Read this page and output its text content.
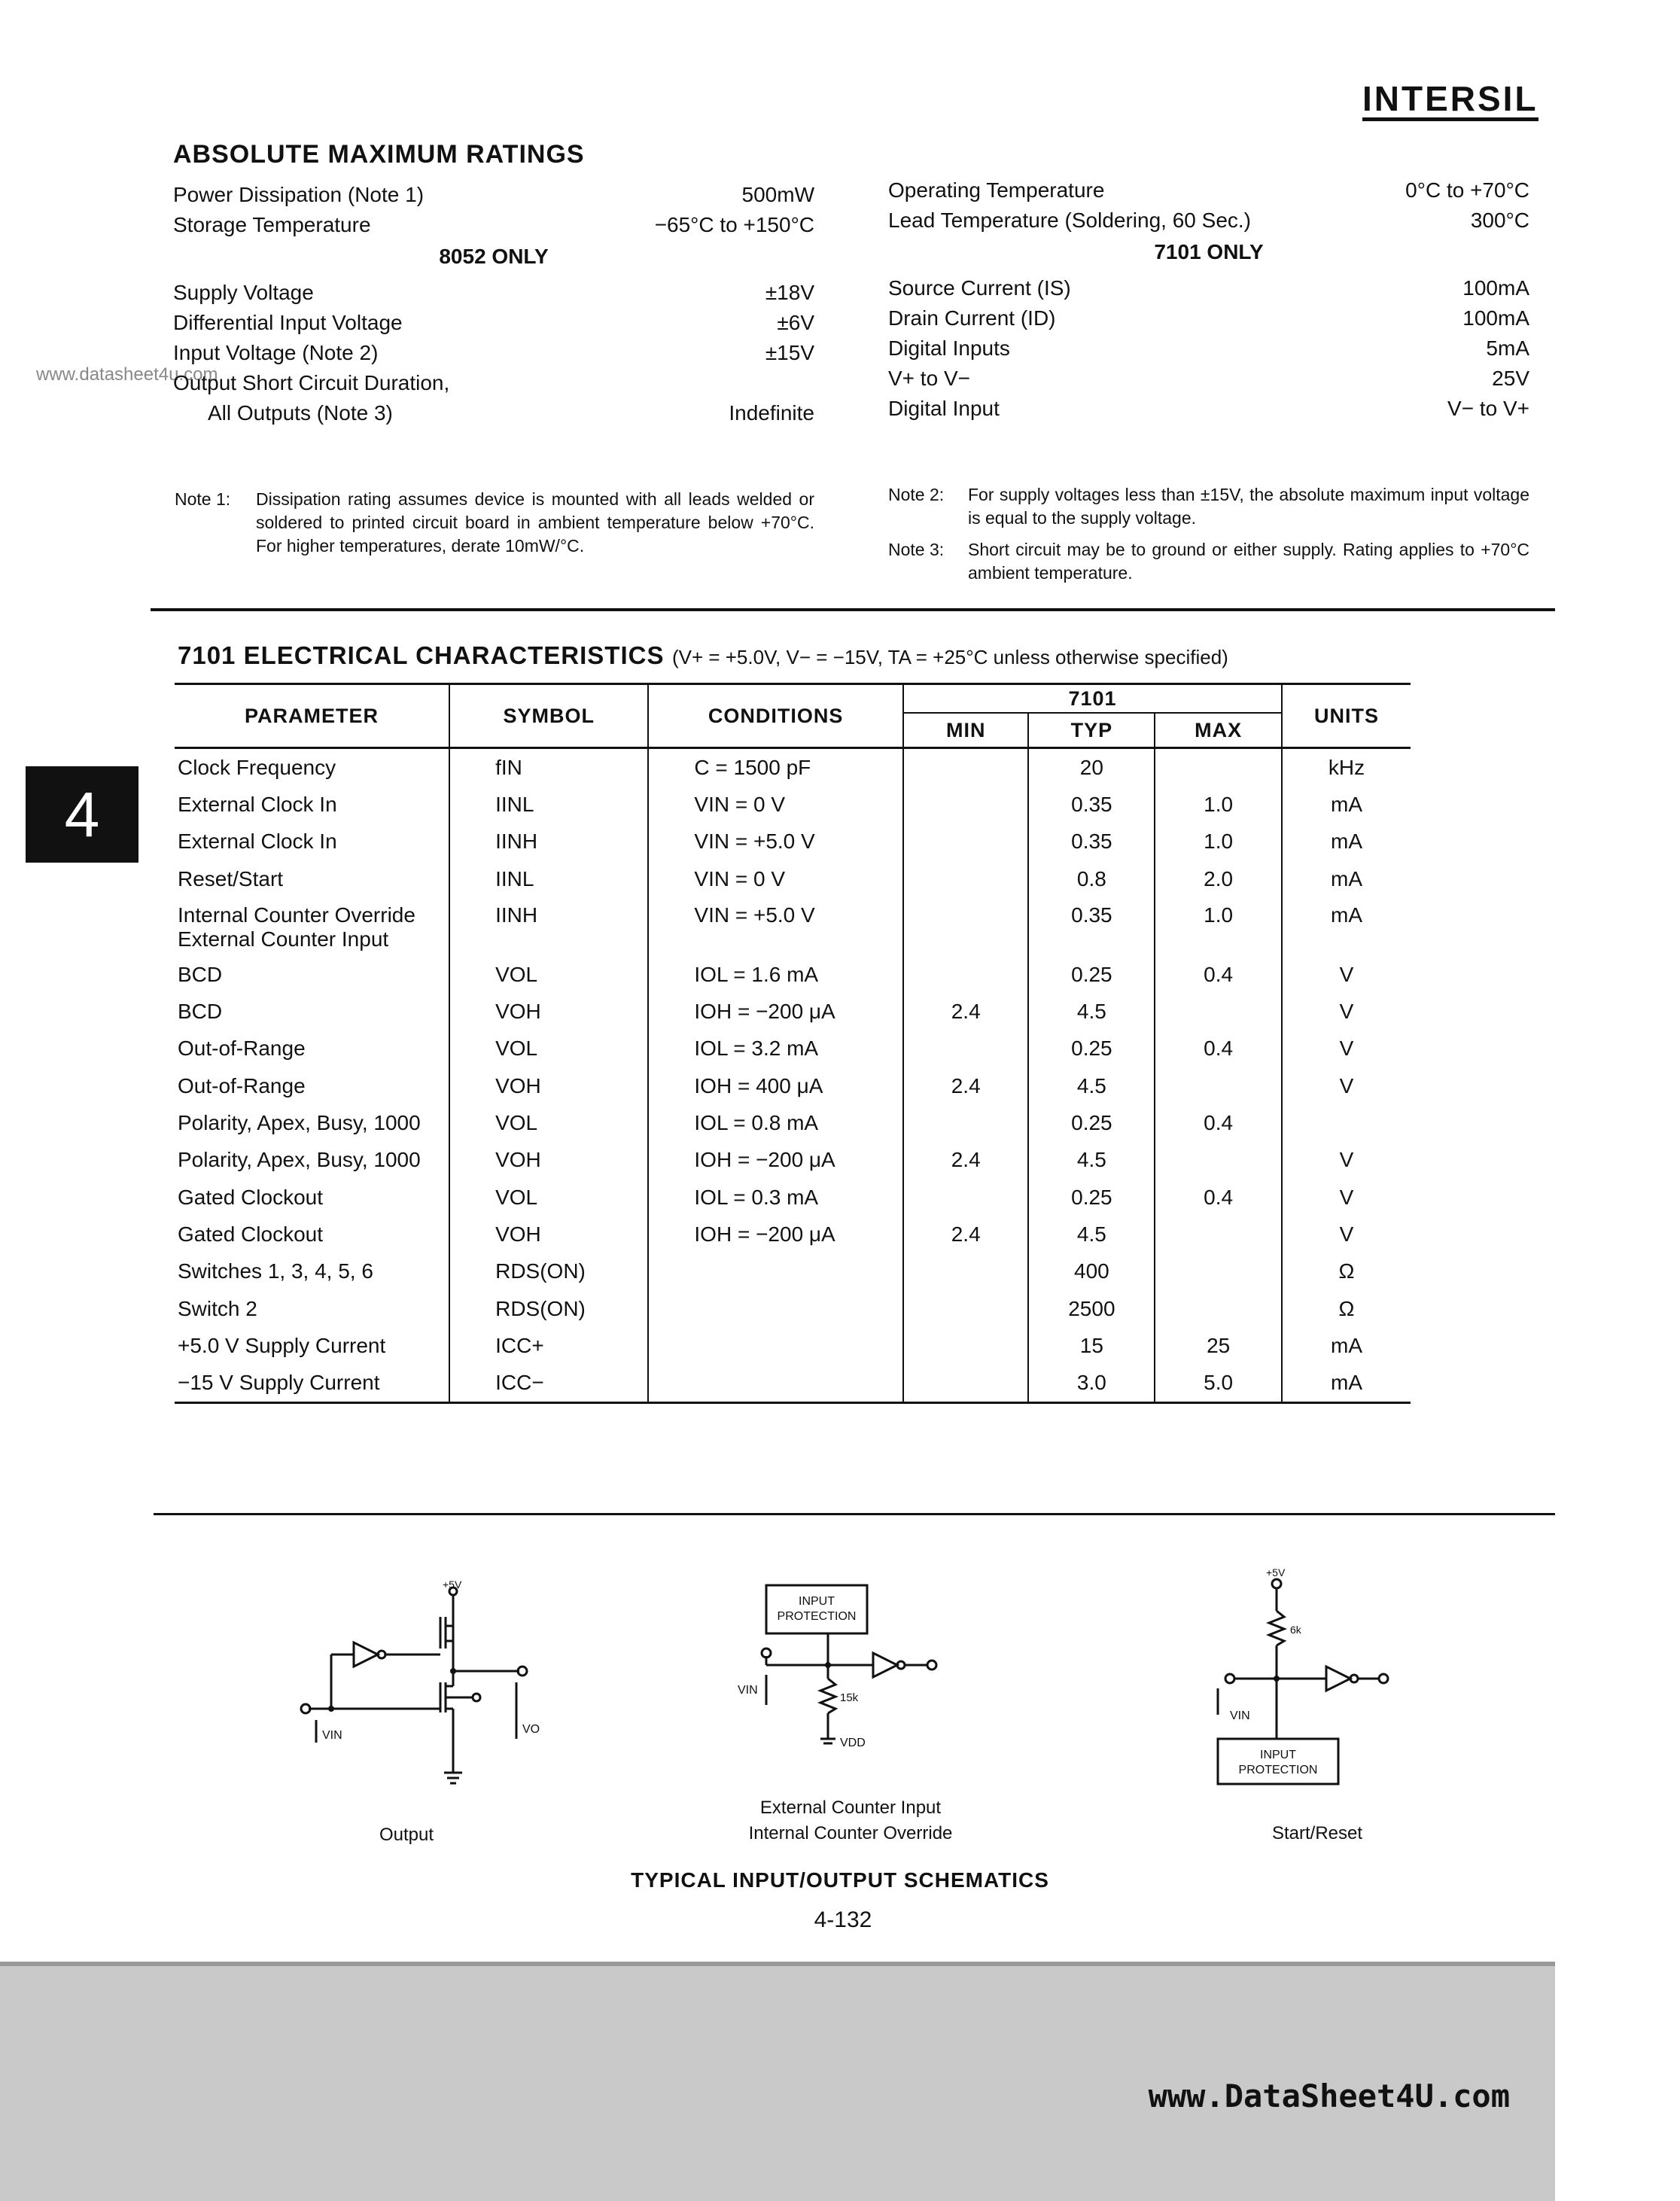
INTERSIL
www.datasheet4u.com
ABSOLUTE MAXIMUM RATINGS
Power Dissipation (Note 1)	500mW
Storage Temperature	−65°C to +150°C
8052 ONLY
Supply Voltage	±18V
Differential Input Voltage	±6V
Input Voltage (Note 2)	±15V
Output Short Circuit Duration,
All Outputs (Note 3)	Indefinite
Operating Temperature	0°C to +70°C
Lead Temperature (Soldering, 60 Sec.)	300°C
7101 ONLY
Source Current (IS)	100mA
Drain Current (ID)	100mA
Digital Inputs	5mA
V+ to V−	25V
Digital Input	V− to V+
Note 1: Dissipation rating assumes device is mounted with all leads welded or soldered to printed circuit board in ambient temperature below +70°C. For higher temperatures, derate 10mW/°C.
Note 2: For supply voltages less than ±15V, the absolute maximum input voltage is equal to the supply voltage.
Note 3: Short circuit may be to ground or either supply. Rating applies to +70°C ambient temperature.
4
7101 ELECTRICAL CHARACTERISTICS (V+ = +5.0V, V− = −15V, TA = +25°C unless otherwise specified)
PARAMETER	SYMBOL	CONDITIONS	7101			UNITS
			MIN	TYP	MAX	
Clock Frequency	fIN	C = 1500 pF		20		kHz
External Clock In	IINL	VIN = 0 V		0.35	1.0	mA
External Clock In	IINH	VIN = +5.0 V		0.35	1.0	mA
Reset/Start	IINL	VIN = 0 V		0.8	2.0	mA
Internal Counter Override
External Counter Input	IINH	VIN = +5.0 V		0.35	1.0	mA
BCD	VOL	IOL = 1.6 mA		0.25	0.4	V
BCD	VOH	IOH = −200 μA	2.4	4.5		V
Out-of-Range	VOL	IOL = 3.2 mA		0.25	0.4	V
Out-of-Range	VOH	IOH = 400 μA	2.4	4.5		V
Polarity, Apex, Busy, 1000	VOL	IOL = 0.8 mA		0.25	0.4	
Polarity, Apex, Busy, 1000	VOH	IOH = −200 μA	2.4	4.5		V
Gated Clockout	VOL	IOL = 0.3 mA		0.25	0.4	V
Gated Clockout	VOH	IOH = −200 μA	2.4	4.5		V
Switches 1, 3, 4, 5, 6	RDS(ON)			400		Ω
Switch 2	RDS(ON)			2500		Ω
+5.0 V Supply Current	ICC+			15	25	mA
−15 V Supply Current	ICC−			3.0	5.0	mA
+5V
VIN	VO
Output
INPUT
PROTECTION
15k
VIN
VDD
External Counter Input
Internal Counter Override
+5V
6k
VIN
INPUT
PROTECTION
Start/Reset
TYPICAL INPUT/OUTPUT SCHEMATICS
4-132
www.DataSheet4U.com
